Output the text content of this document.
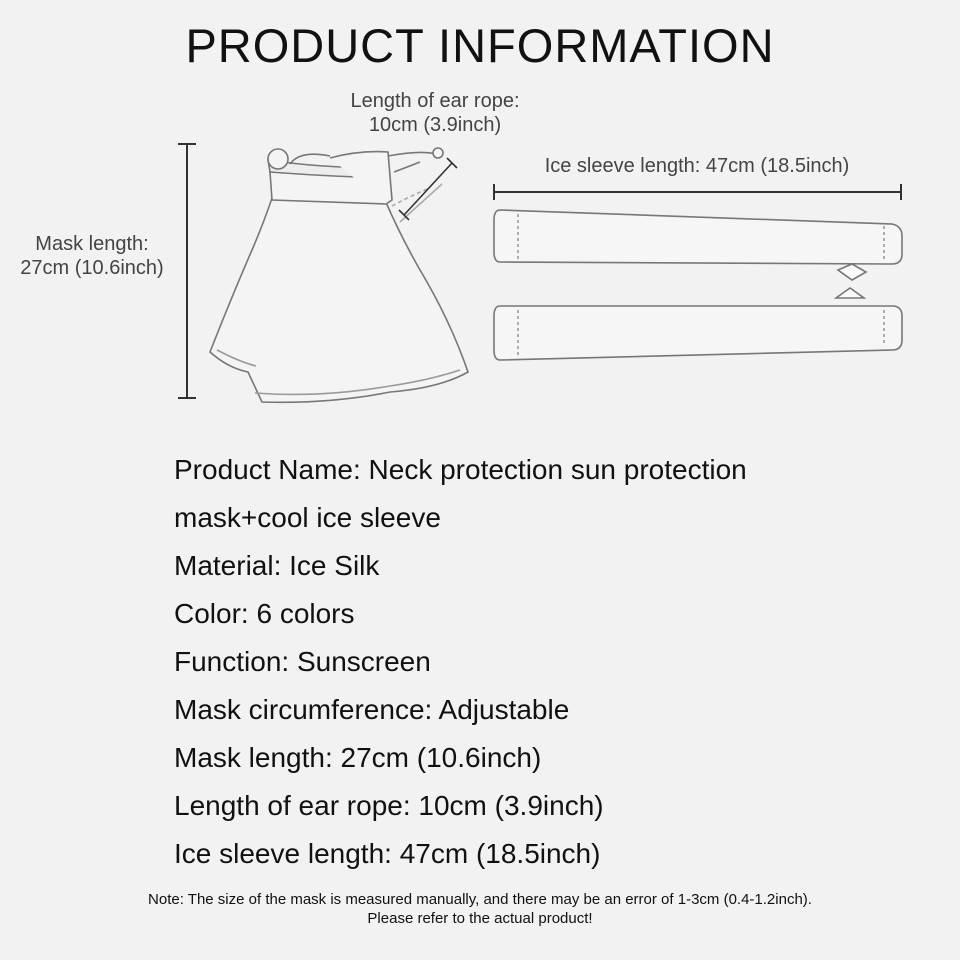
PRODUCT INFORMATION
Length of ear rope:
10cm (3.9inch)
Mask length:
27cm (10.6inch)
Ice sleeve length: 47cm (18.5inch)
Product Name: Neck protection sun protection
mask+cool ice sleeve
Material: Ice Silk
Color: 6 colors
Function: Sunscreen
Mask circumference: Adjustable
Mask length: 27cm (10.6inch)
Length of ear rope: 10cm (3.9inch)
Ice sleeve length: 47cm (18.5inch)
Note: The size of the mask is measured manually, and there may be an error of 1-3cm (0.4-1.2inch).
Please refer to the actual product!
